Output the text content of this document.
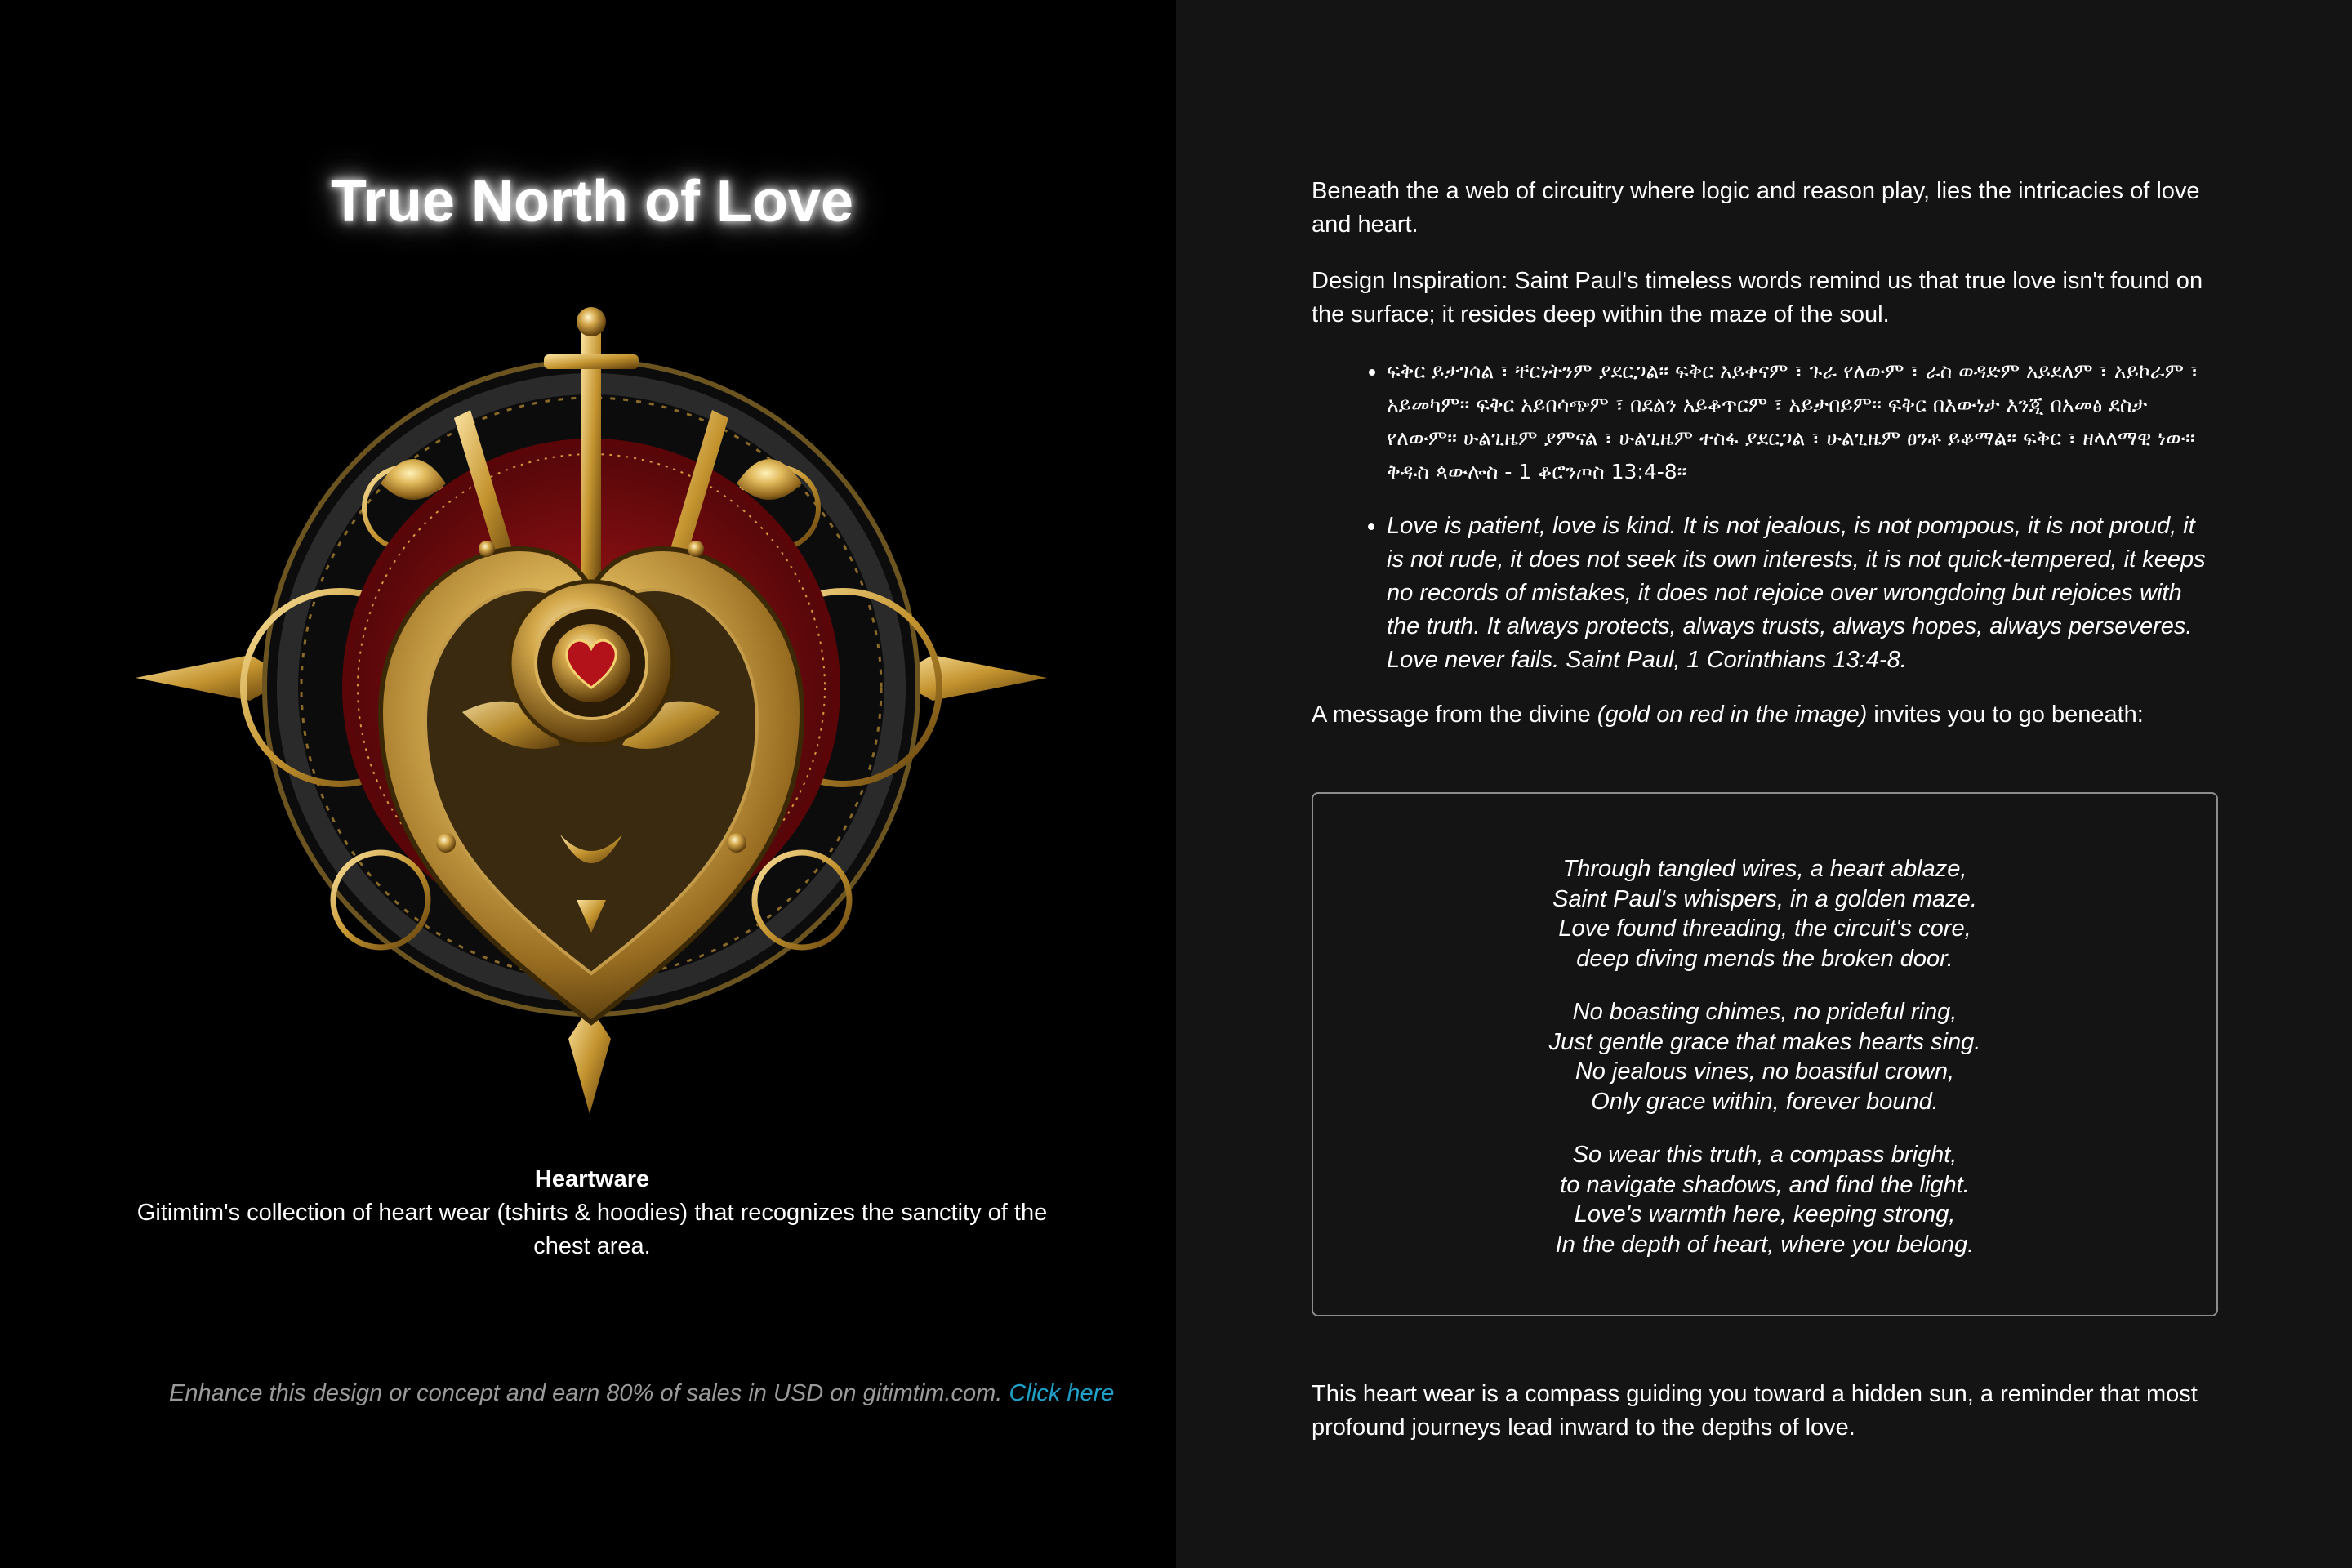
True North of Love
Heartware
Gitimtim's collection of heart wear (tshirts & hoodies) that recognizes the sanctity of the chest area.
Enhance this design or concept and earn 80% of sales in USD on gitimtim.com. Click here

Beneath the a web of circuitry where logic and reason play, lies the intricacies of love and heart.

Design Inspiration: Saint Paul's timeless words remind us that true love isn't found on the surface; it resides deep within the maze of the soul.

• ፍቅር ይታገሳል ፣ ቸርነትንም ያደርጋል። ፍቅር አይቀናም ፣ ጉራ የለውም ፣ ራስ ወዳድም አይደለም ፣ አይኮራም ፣ አይመካም። ፍቅር አይበሳጭም ፣ በደልን አይቆጥርም ፣ አይታበይም። ፍቅር በእውነታ እንጂ በአመፅ ደስታ የለውም። ሁልጊዜም ያምናል ፣ ሁልጊዜም ተስፋ ያደርጋል ፣ ሁልጊዜም ፀንቶ ይቆማል። ፍቅር ፣ ዘላለማዊ ነው። ቅዱስ ጳውሎስ - 1 ቆሮንጦስ 13:4-8።
• Love is patient, love is kind. It is not jealous, is not pompous, it is not proud, it is not rude, it does not seek its own interests, it is not quick-tempered, it keeps no records of mistakes, it does not rejoice over wrongdoing but rejoices with the truth. It always protects, always trusts, always hopes, always perseveres. Love never fails. Saint Paul, 1 Corinthians 13:4-8.

A message from the divine (gold on red in the image) invites you to go beneath:

Through tangled wires, a heart ablaze,
Saint Paul's whispers, in a golden maze.
Love found threading, the circuit's core,
deep diving mends the broken door.
No boasting chimes, no prideful ring,
Just gentle grace that makes hearts sing.
No jealous vines, no boastful crown,
Only grace within, forever bound.
So wear this truth, a compass bright,
to navigate shadows, and find the light.
Love's warmth here, keeping strong,
In the depth of heart, where you belong.

This heart wear is a compass guiding you toward a hidden sun, a reminder that most profound journeys lead inward to the depths of love.
